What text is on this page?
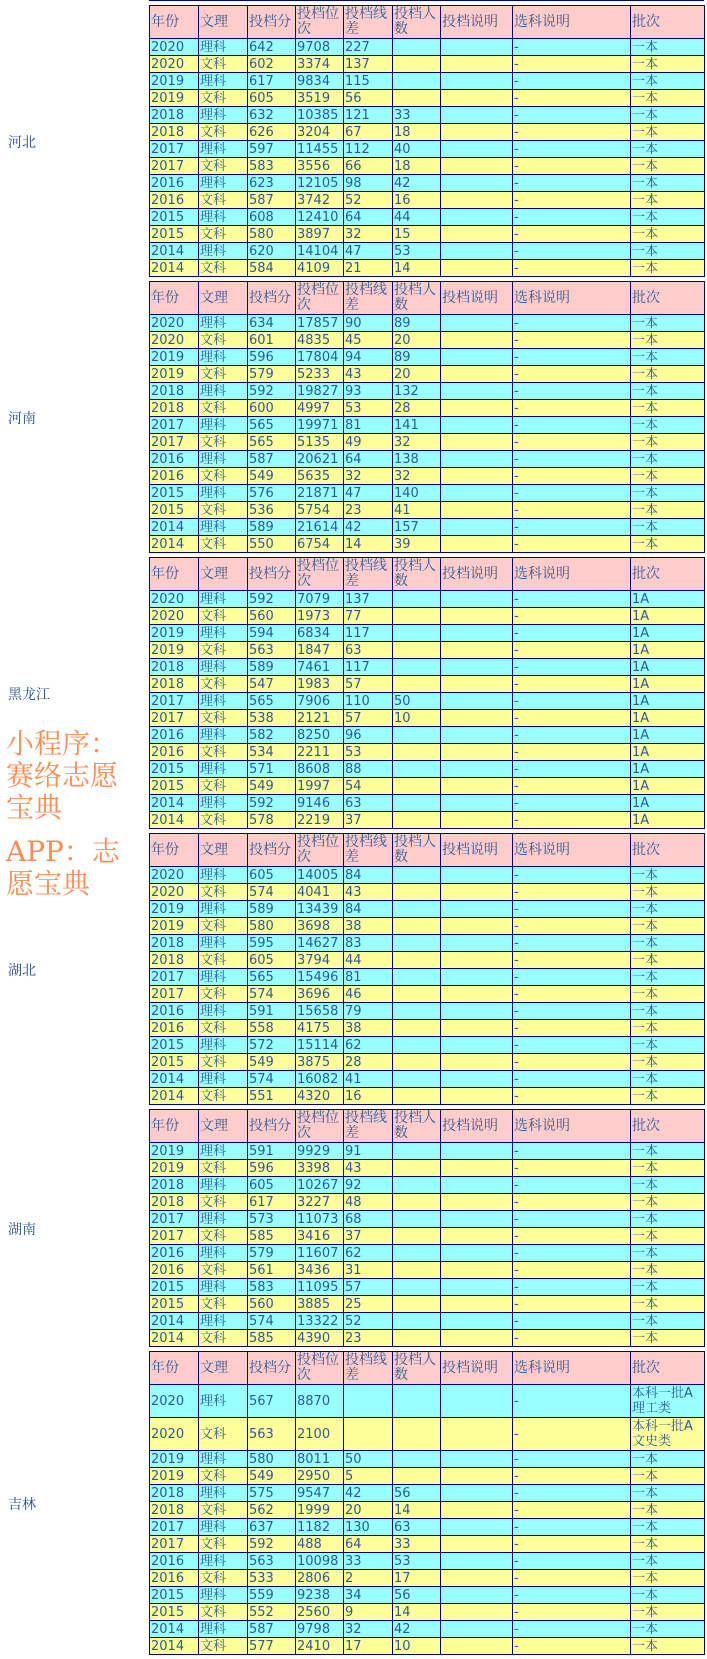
河北
年份	文理	投档分	投档位次	投档线差	投档人数	投档说明	选科说明	批次
2020	理科	642	9708	227			-	一本
2020	文科	602	3374	137			-	一本
2019	理科	617	9834	115			-	一本
2019	文科	605	3519	56			-	一本
2018	理科	632	10385	121	33		-	一本
2018	文科	626	3204	67	18		-	一本
2017	理科	597	11455	112	40		-	一本
2017	文科	583	3556	66	18		-	一本
2016	理科	623	12105	98	42		-	一本
2016	文科	587	3742	52	16		-	一本
2015	理科	608	12410	64	44		-	一本
2015	文科	580	3897	32	15		-	一本
2014	理科	620	14104	47	53		-	一本
2014	文科	584	4109	21	14		-	一本
河南
年份	文理	投档分	投档位次	投档线差	投档人数	投档说明	选科说明	批次
2020	理科	634	17857	90	89		-	一本
2020	文科	601	4835	45	20		-	一本
2019	理科	596	17804	94	89		-	一本
2019	文科	579	5233	43	20		-	一本
2018	理科	592	19827	93	132		-	一本
2018	文科	600	4997	53	28		-	一本
2017	理科	565	19971	81	141		-	一本
2017	文科	565	5135	49	32		-	一本
2016	理科	587	20621	64	138		-	一本
2016	文科	549	5635	32	32		-	一本
2015	理科	576	21871	47	140		-	一本
2015	文科	536	5754	23	41		-	一本
2014	理科	589	21614	42	157		-	一本
2014	文科	550	6754	14	39		-	一本
黑龙江
年份	文理	投档分	投档位次	投档线差	投档人数	投档说明	选科说明	批次
2020	理科	592	7079	137			-	1A
2020	文科	560	1973	77			-	1A
2019	理科	594	6834	117			-	1A
2019	文科	563	1847	63			-	1A
2018	理科	589	7461	117			-	1A
2018	文科	547	1983	57			-	1A
2017	理科	565	7906	110	50		-	1A
2017	文科	538	2121	57	10		-	1A
2016	理科	582	8250	96			-	1A
2016	文科	534	2211	53			-	1A
2015	理科	571	8608	88			-	1A
2015	文科	549	1997	54			-	1A
2014	理科	592	9146	63			-	1A
2014	文科	578	2219	37			-	1A
湖北
年份	文理	投档分	投档位次	投档线差	投档人数	投档说明	选科说明	批次
2020	理科	605	14005	84			-	一本
2020	文科	574	4041	43			-	一本
2019	理科	589	13439	84			-	一本
2019	文科	580	3698	38			-	一本
2018	理科	595	14627	83			-	一本
2018	文科	605	3794	44			-	一本
2017	理科	565	15496	81			-	一本
2017	文科	574	3696	46			-	一本
2016	理科	591	15658	79			-	一本
2016	文科	558	4175	38			-	一本
2015	理科	572	15114	62			-	一本
2015	文科	549	3875	28			-	一本
2014	理科	574	16082	41			-	一本
2014	文科	551	4320	16			-	一本
湖南
年份	文理	投档分	投档位次	投档线差	投档人数	投档说明	选科说明	批次
2019	理科	591	9929	91			-	一本
2019	文科	596	3398	43			-	一本
2018	理科	605	10267	92			-	一本
2018	文科	617	3227	48			-	一本
2017	理科	573	11073	68			-	一本
2017	文科	585	3416	37			-	一本
2016	理科	579	11607	62			-	一本
2016	文科	561	3436	31			-	一本
2015	理科	583	11095	57			-	一本
2015	文科	560	3885	25			-	一本
2014	理科	574	13322	52			-	一本
2014	文科	585	4390	23			-	一本
吉林
年份	文理	投档分	投档位次	投档线差	投档人数	投档说明	选科说明	批次
2020	理科	567	8870				-	本科一批A理工类
2020	文科	563	2100				-	本科一批A文史类
2019	理科	580	8011	50			-	一本
2019	文科	549	2950	5			-	一本
2018	理科	575	9547	42	56		-	一本
2018	文科	562	1999	20	14		-	一本
2017	理科	637	1182	130	63		-	一本
2017	文科	592	488	64	33		-	一本
2016	理科	563	10098	33	53		-	一本
2016	文科	533	2806	2	17		-	一本
2015	理科	559	9238	34	56		-	一本
2015	文科	552	2560	9	14		-	一本
2014	理科	587	9798	32	42		-	一本
2014	文科	577	2410	17	10		-	一本
小程序：赛络志愿宝典
APP：志愿宝典
